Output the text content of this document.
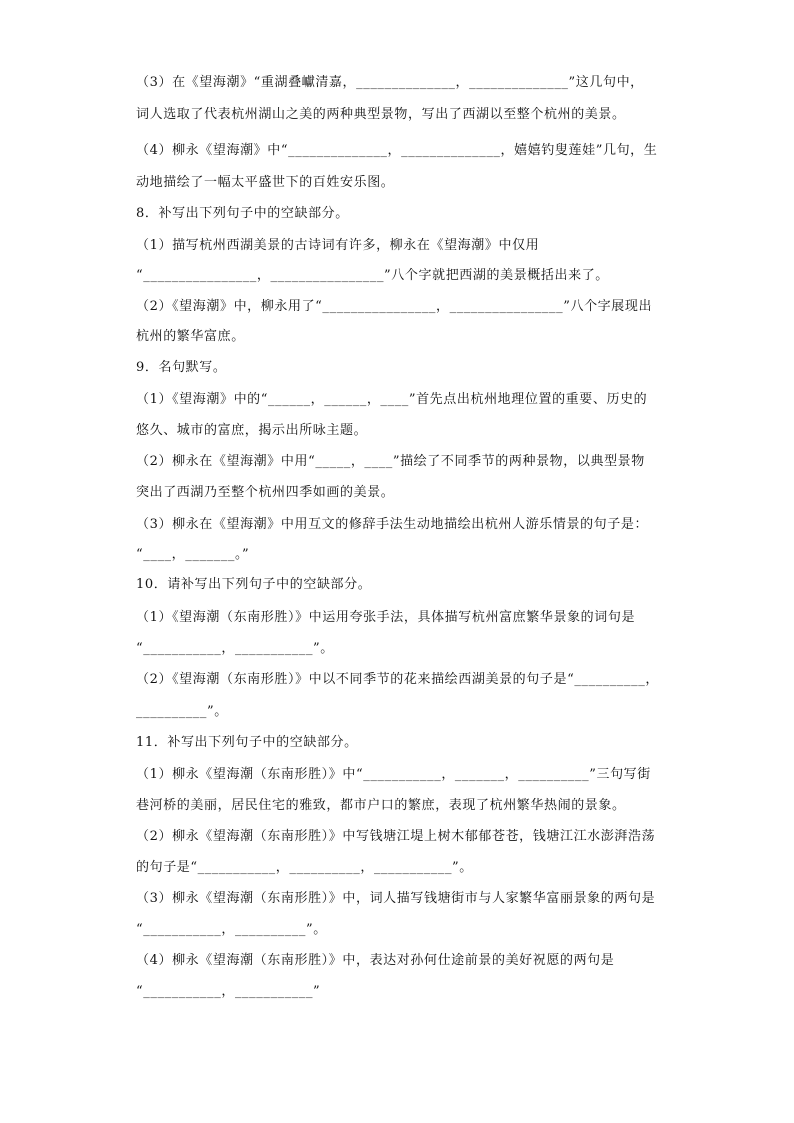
（3）在《望海潮》“重湖叠巘清嘉，______________，______________”这几句中，
词人选取了代表杭州湖山之美的两种典型景物，写出了西湖以至整个杭州的美景。
（4）柳永《望海潮》中“______________，______________，嬉嬉钓叟莲娃”几句，生
动地描绘了一幅太平盛世下的百姓安乐图。
8．补写出下列句子中的空缺部分。
（1）描写杭州西湖美景的古诗词有许多，柳永在《望海潮》中仅用
“________________，________________”八个字就把西湖的美景概括出来了。
（2）《望海潮》中，柳永用了“________________，________________”八个字展现出
杭州的繁华富庶。
9．名句默写。
（1）《望海潮》中的“______，______，____”首先点出杭州地理位置的重要、历史的
悠久、城市的富庶，揭示出所咏主题。
（2）柳永在《望海潮》中用“_____，____”描绘了不同季节的两种景物，以典型景物
突出了西湖乃至整个杭州四季如画的美景。
（3）柳永在《望海潮》中用互文的修辞手法生动地描绘出杭州人游乐情景的句子是：
“____，_______。”
10．请补写出下列句子中的空缺部分。
（1）《望海潮（东南形胜）》中运用夸张手法，具体描写杭州富庶繁华景象的词句是
“___________，___________”。
（2）《望海潮（东南形胜）》中以不同季节的花来描绘西湖美景的句子是“__________，
__________”。
11．补写出下列句子中的空缺部分。
（1）柳永《望海潮（东南形胜）》中“___________，_______，__________”三句写街
巷河桥的美丽，居民住宅的雅致，都市户口的繁庶，表现了杭州繁华热闹的景象。
（2）柳永《望海潮（东南形胜）》中写钱塘江堤上树木郁郁苍苍，钱塘江江水澎湃浩荡
的句子是“___________，__________，___________”。
（3）柳永《望海潮（东南形胜）》中，词人描写钱塘街市与人家繁华富丽景象的两句是
“___________，__________”。
（4）柳永《望海潮（东南形胜）》中，表达对孙何仕途前景的美好祝愿的两句是
“___________，___________”
